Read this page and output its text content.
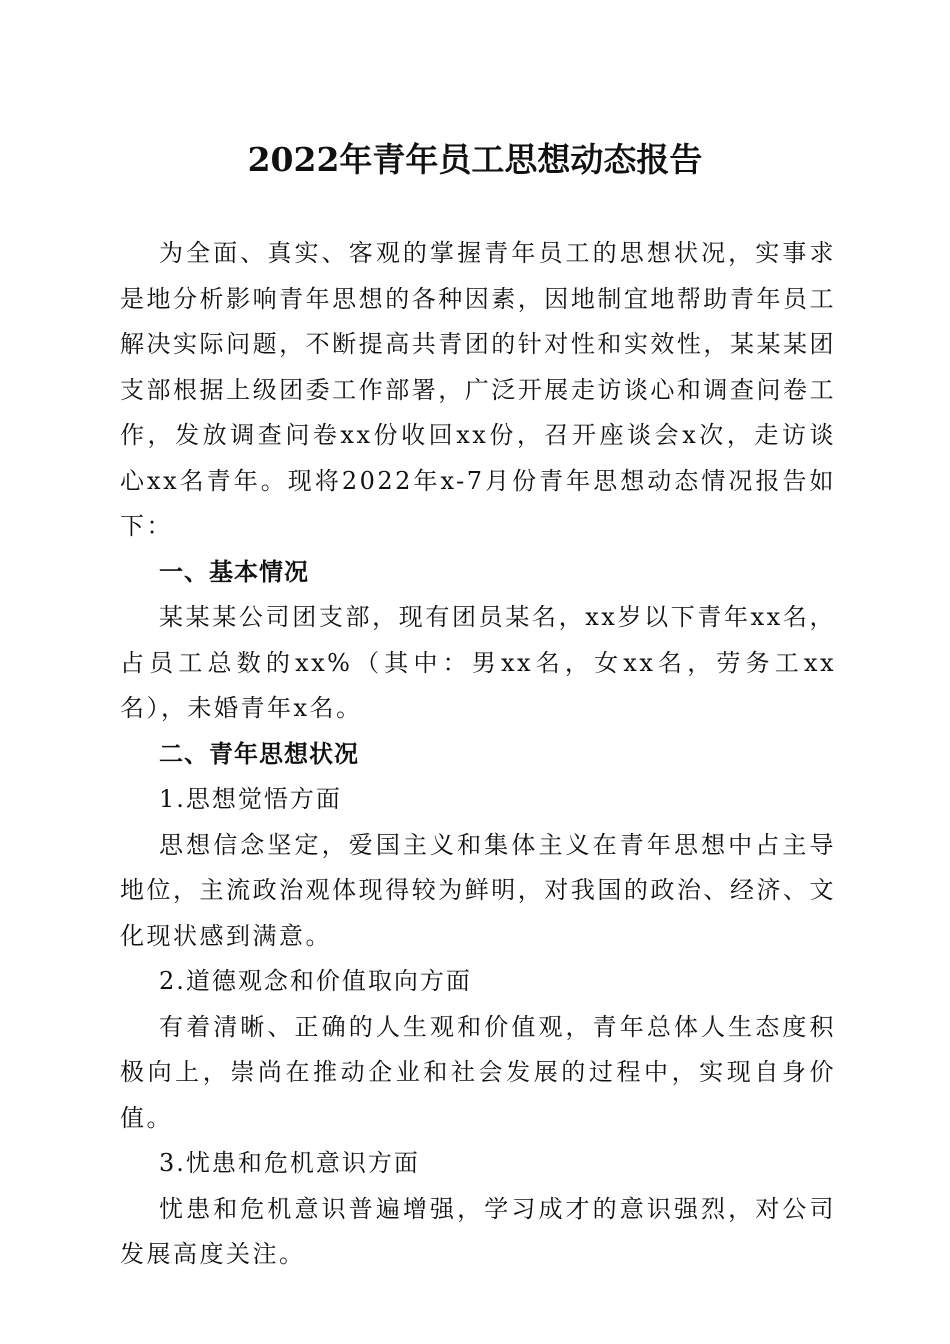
2022年青年员工思想动态报告

为全面、真实、客观的掌握青年员工的思想状况，实事求是地分析影响青年思想的各种因素，因地制宜地帮助青年员工解决实际问题，不断提高共青团的针对性和实效性，某某某团支部根据上级团委工作部署，广泛开展走访谈心和调查问卷工作，发放调查问卷xx份收回xx份，召开座谈会x次，走访谈心xx名青年。现将2022年x-7月份青年思想动态情况报告如下：

一、基本情况

某某某公司团支部，现有团员某名，xx岁以下青年xx名，占员工总数的xx%（其中：男xx名，女xx名，劳务工xx名），未婚青年x名。

二、青年思想状况

1.思想觉悟方面

思想信念坚定，爱国主义和集体主义在青年思想中占主导地位，主流政治观体现得较为鲜明，对我国的政治、经济、文化现状感到满意。

2.道德观念和价值取向方面

有着清晰、正确的人生观和价值观，青年总体人生态度积极向上，崇尚在推动企业和社会发展的过程中，实现自身价值。

3.忧患和危机意识方面

忧患和危机意识普遍增强，学习成才的意识强烈，对公司发展高度关注。
